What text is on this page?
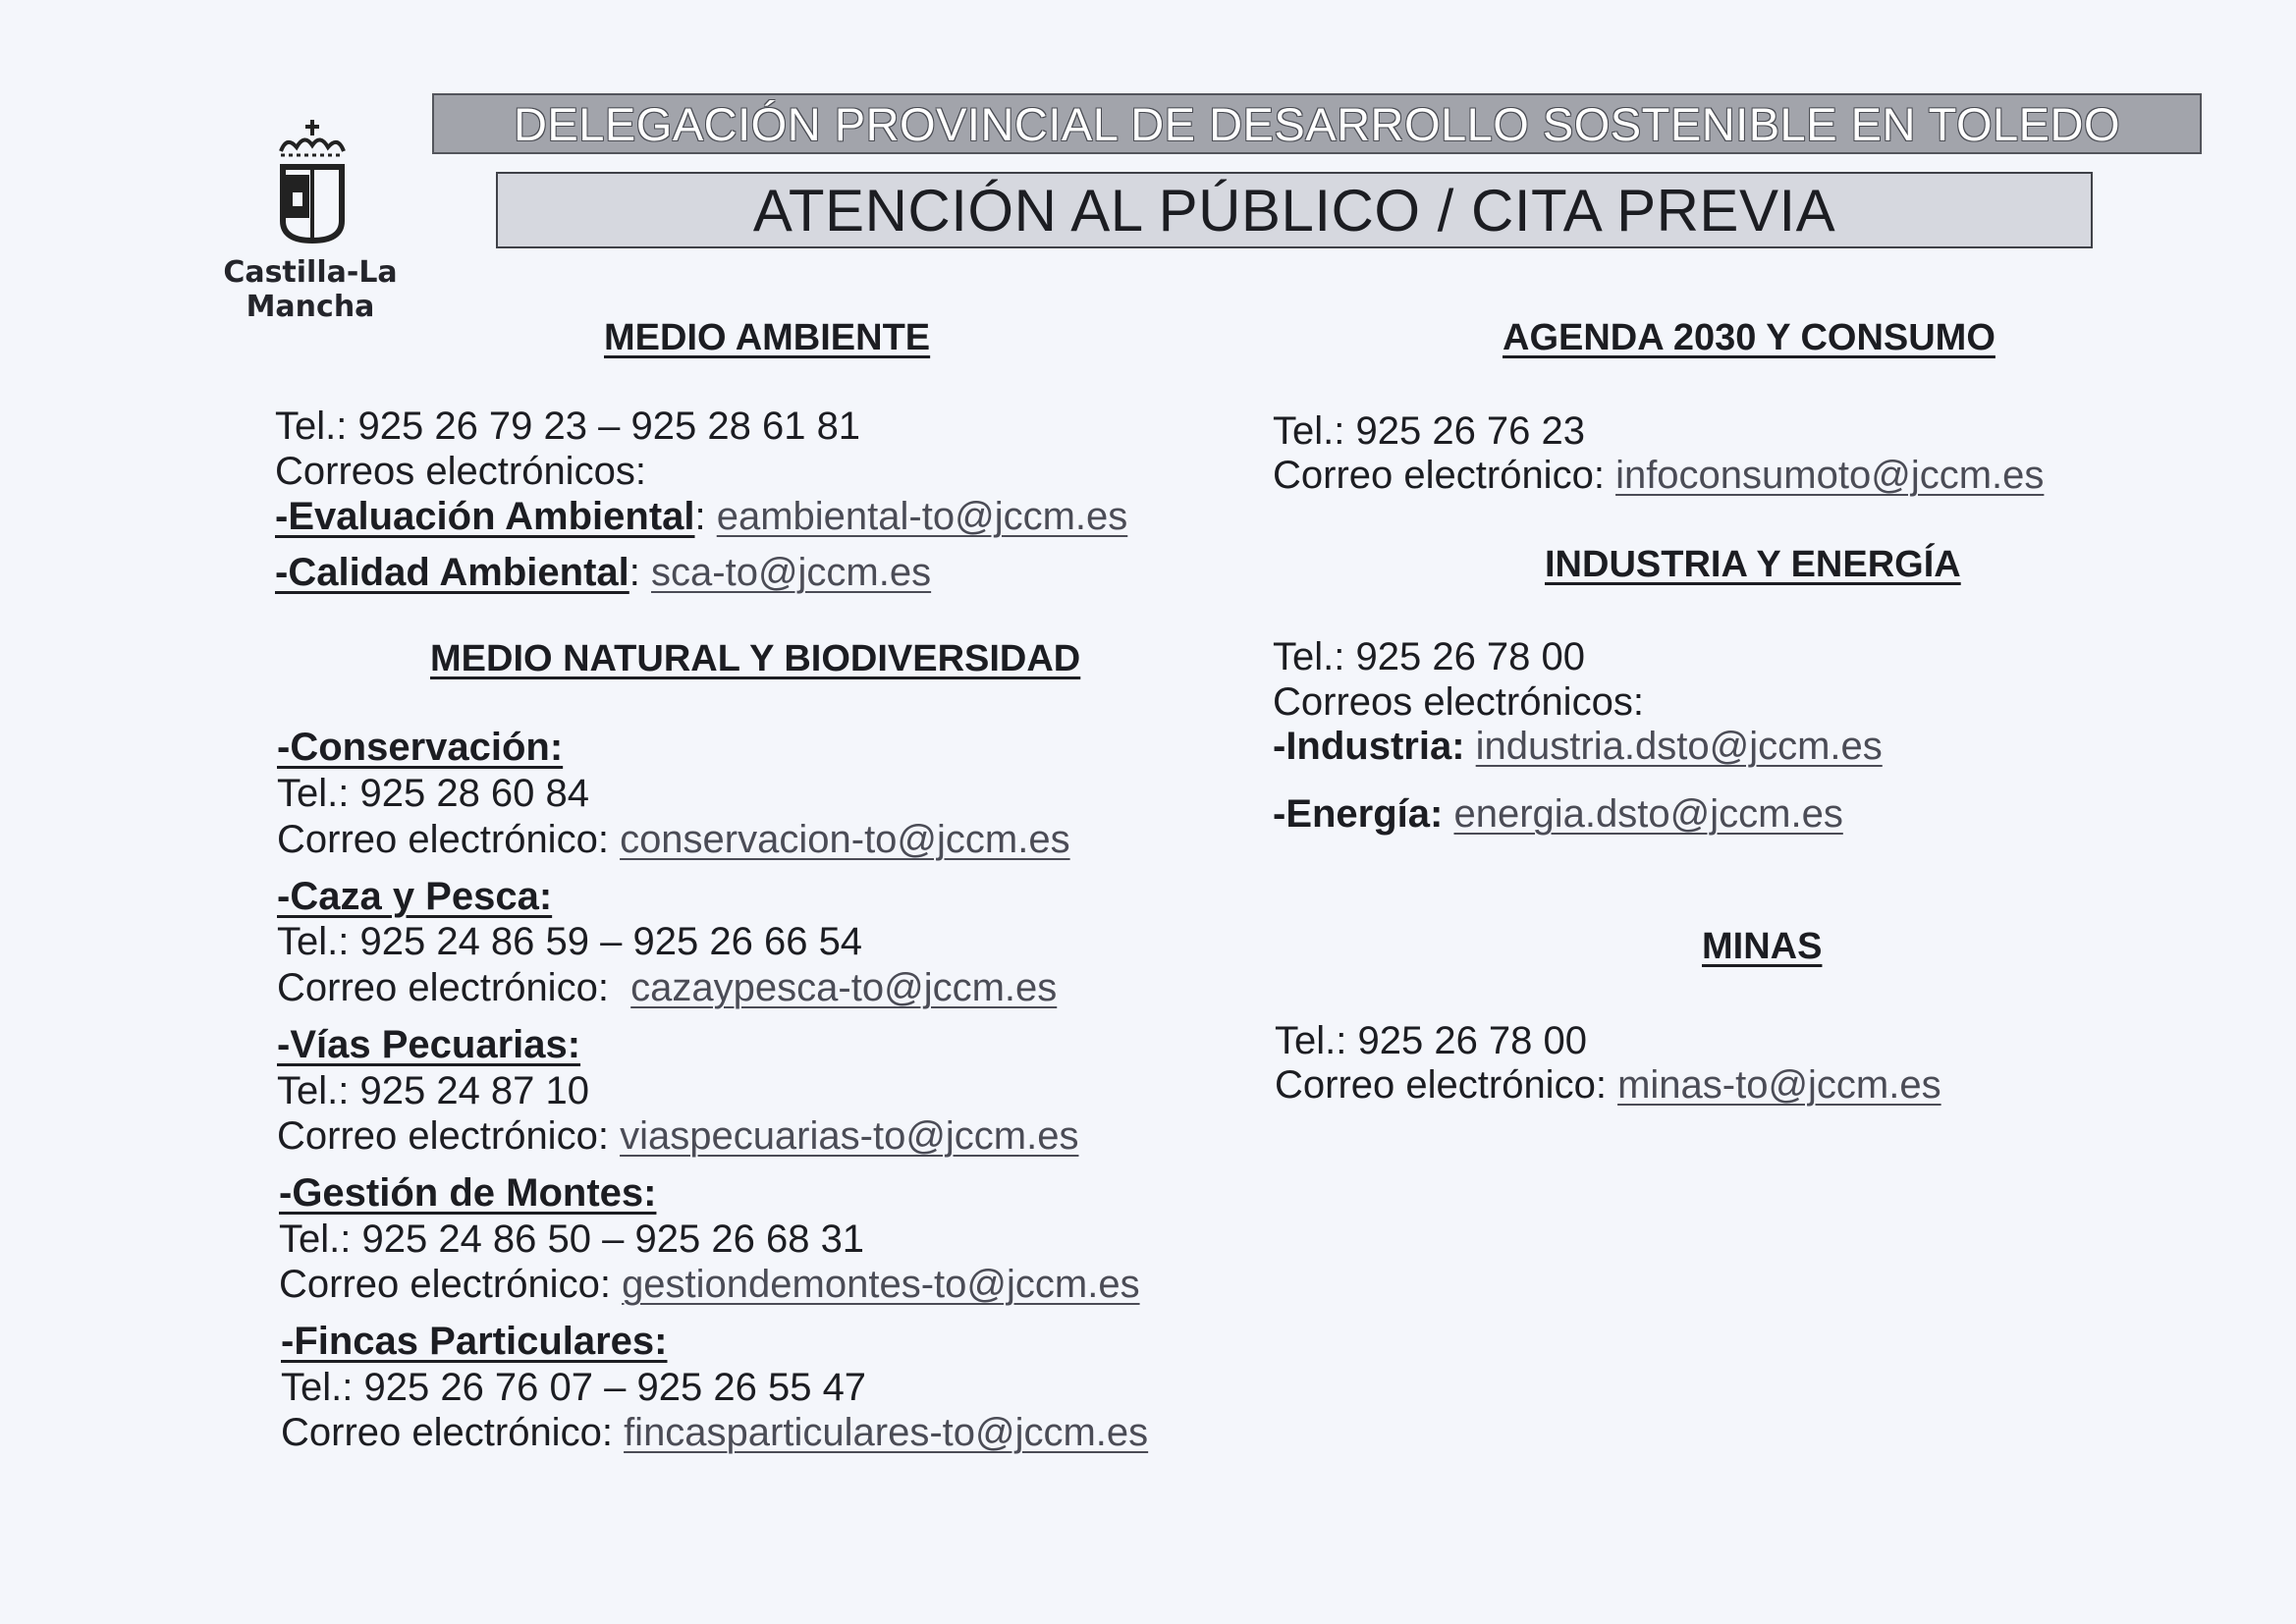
Castilla-La Mancha
DELEGACIÓN PROVINCIAL DE DESARROLLO SOSTENIBLE EN TOLEDO
ATENCIÓN AL PÚBLICO / CITA PREVIA
MEDIO AMBIENTE
Tel.: 925 26 79 23 – 925 28 61 81
Correos electrónicos:
-Evaluación Ambiental: eambiental-to@jccm.es
-Calidad Ambiental: sca-to@jccm.es
MEDIO NATURAL Y BIODIVERSIDAD
-Conservación:
Tel.: 925 28 60 84
Correo electrónico: conservacion-to@jccm.es
-Caza y Pesca:
Tel.: 925 24 86 59 – 925 26 66 54
Correo electrónico: cazaypesca-to@jccm.es
-Vías Pecuarias:
Tel.: 925 24 87 10
Correo electrónico: viaspecuarias-to@jccm.es
-Gestión de Montes:
Tel.: 925 24 86 50 – 925 26 68 31
Correo electrónico: gestiondemontes-to@jccm.es
-Fincas Particulares:
Tel.: 925 26 76 07 – 925 26 55 47
Correo electrónico: fincasparticulares-to@jccm.es
AGENDA 2030 Y CONSUMO
Tel.: 925 26 76 23
Correo electrónico: infoconsumoto@jccm.es
INDUSTRIA Y ENERGÍA
Tel.: 925 26 78 00
Correos electrónicos:
-Industria: industria.dsto@jccm.es
-Energía: energia.dsto@jccm.es
MINAS
Tel.: 925 26 78 00
Correo electrónico: minas-to@jccm.es
